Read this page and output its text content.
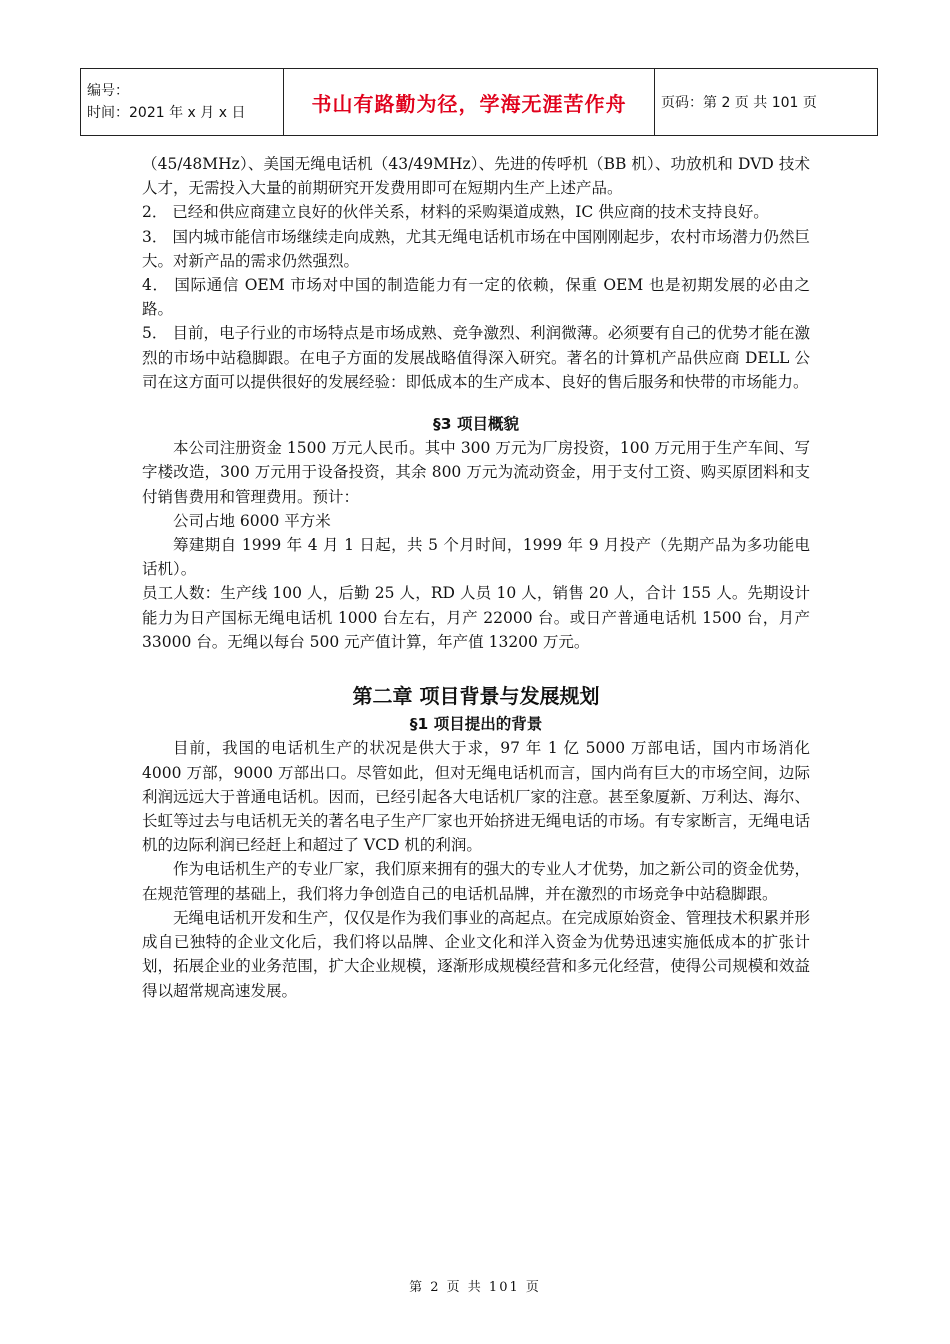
编号：
时间：2021 年 x 月 x 日	书山有路勤为径，学海无涯苦作舟	页码：第 2 页 共 101 页

（45/48MHz）、美国无绳电话机（43/49MHz）、先进的传呼机（BB 机）、功放机和 DVD 技术人才，无需投入大量的前期研究开发费用即可在短期内生产上述产品。

2． 已经和供应商建立良好的伙伴关系，材料的采购渠道成熟，IC 供应商的技术支持良好。

3． 国内城市能信市场继续走向成熟，尤其无绳电话机市场在中国刚刚起步，农村市场潜力仍然巨大。对新产品的需求仍然强烈。

4． 国际通信 OEM 市场对中国的制造能力有一定的依赖，保重 OEM 也是初期发展的必由之路。

5． 目前，电子行业的市场特点是市场成熟、竞争激烈、利润微薄。必须要有自己的优势才能在激烈的市场中站稳脚跟。在电子方面的发展战略值得深入研究。著名的计算机产品供应商 DELL 公司在这方面可以提供很好的发展经验：即低成本的生产成本、良好的售后服务和快带的市场能力。

§3 项目概貌

本公司注册资金 1500 万元人民币。其中 300 万元为厂房投资，100 万元用于生产车间、写字楼改造，300 万元用于设备投资，其余 800 万元为流动资金，用于支付工资、购买原团料和支付销售费用和管理费用。预计：

公司占地 6000 平方米

筹建期自 1999 年 4 月 1 日起，共 5 个月时间，1999 年 9 月投产（先期产品为多功能电话机）。

员工人数：生产线 100 人，后勤 25 人，RD 人员 10 人，销售 20 人，合计 155 人。先期设计能力为日产国标无绳电话机 1000 台左右，月产 22000 台。或日产普通电话机 1500 台，月产 33000 台。无绳以每台 500 元产值计算，年产值 13200 万元。

第二章 项目背景与发展规划

§1 项目提出的背景

目前，我国的电话机生产的状况是供大于求，97 年 1 亿 5000 万部电话，国内市场消化 4000 万部，9000 万部出口。尽管如此，但对无绳电话机而言，国内尚有巨大的市场空间，边际利润远远大于普通电话机。因而，已经引起各大电话机厂家的注意。甚至象厦新、万利达、海尔、长虹等过去与电话机无关的著名电子生产厂家也开始挤进无绳电话的市场。有专家断言，无绳电话机的边际利润已经赶上和超过了 VCD 机的利润。

作为电话机生产的专业厂家，我们原来拥有的强大的专业人才优势，加之新公司的资金优势，在规范管理的基础上，我们将力争创造自己的电话机品牌，并在激烈的市场竞争中站稳脚跟。

无绳电话机开发和生产，仅仅是作为我们事业的高起点。在完成原始资金、管理技术积累并形成自已独特的企业文化后，我们将以品牌、企业文化和洋入资金为优势迅速实施低成本的扩张计划，拓展企业的业务范围，扩大企业规模，逐渐形成规模经营和多元化经营，使得公司规模和效益得以超常规高速发展。

第 2 页 共 101 页
